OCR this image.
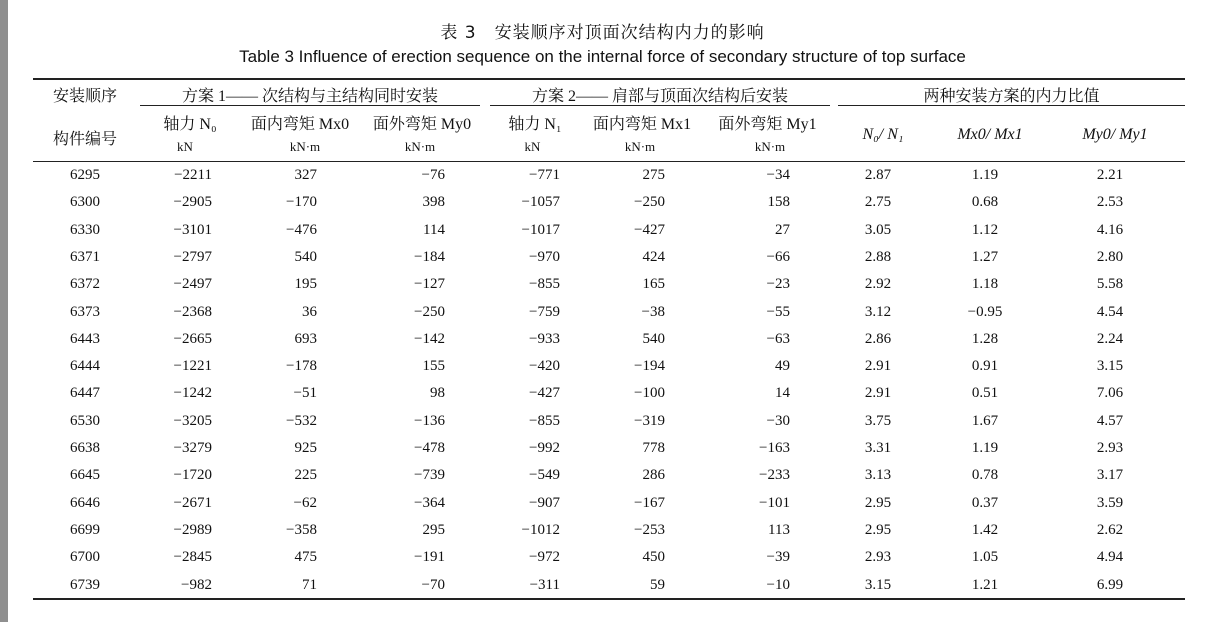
表 3　安装顺序对顶面次结构内力的影响
Table 3 Influence of erection sequence on the internal force of secondary structure of top surface
安装顺序	方案 1—— 次结构与主结构同时安装	方案 2—— 肩部与顶面次结构后安装	两种安装方案的内力比值
构件编号
轴力 N₀	面内弯矩 Mx0	面外弯矩 My0	轴力 N₁	面内弯矩 Mx1	面外弯矩 My1
kN	kN·m	kN·m	kN	kN·m	kN·m
N₀/ N₁	Mx0/ Mx1	My0/ My1
6295	−2211	327	−76	−771	275	−34	2.87	1.19	2.21
6300	−2905	−170	398	−1057	−250	158	2.75	0.68	2.53
6330	−3101	−476	114	−1017	−427	27	3.05	1.12	4.16
6371	−2797	540	−184	−970	424	−66	2.88	1.27	2.80
6372	−2497	195	−127	−855	165	−23	2.92	1.18	5.58
6373	−2368	36	−250	−759	−38	−55	3.12	−0.95	4.54
6443	−2665	693	−142	−933	540	−63	2.86	1.28	2.24
6444	−1221	−178	155	−420	−194	49	2.91	0.91	3.15
6447	−1242	−51	98	−427	−100	14	2.91	0.51	7.06
6530	−3205	−532	−136	−855	−319	−30	3.75	1.67	4.57
6638	−3279	925	−478	−992	778	−163	3.31	1.19	2.93
6645	−1720	225	−739	−549	286	−233	3.13	0.78	3.17
6646	−2671	−62	−364	−907	−167	−101	2.95	0.37	3.59
6699	−2989	−358	295	−1012	−253	113	2.95	1.42	2.62
6700	−2845	475	−191	−972	450	−39	2.93	1.05	4.94
6739	−982	71	−70	−311	59	−10	3.15	1.21	6.99
